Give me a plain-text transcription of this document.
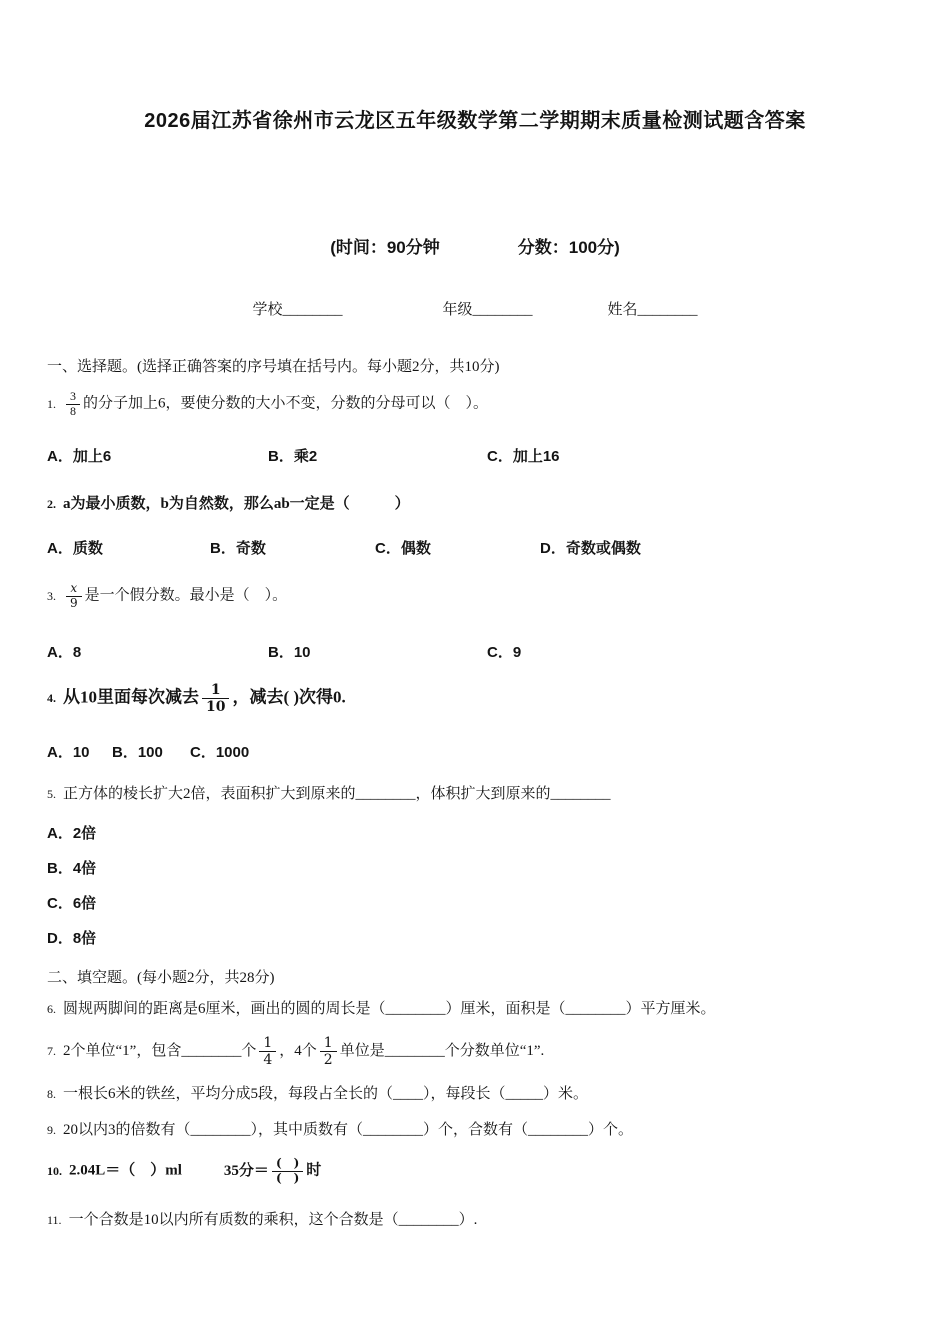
2026届江苏省徐州市云龙区五年级数学第二学期期末质量检测试题含答案
(时间：90分钟	分数：100分)
学校________	年级________	姓名________
一、选择题。(选择正确答案的序号填在括号内。每小题2分，共10分)
1. $\frac{3}{8}$ 的分子加上6，要使分数的大小不变，分数的分母可以（　）。
A．加上6	B．乘2	C．加上16
2. a为最小质数，b为自然数，那么ab一定是（　　　）
A．质数	B．奇数	C．偶数	D．奇数或偶数
3. $\frac{x}{9}$ 是一个假分数。最小是（　）。
A．8	B．10	C．9
4. 从10里面每次减去 $\frac{1}{10}$ ，减去( )次得0.
A．10	B．100	C．1000
5. 正方体的棱长扩大2倍，表面积扩大到原来的________，体积扩大到原来的________
A．2倍
B．4倍
C．6倍
D．8倍
二、填空题。(每小题2分，共28分)
6. 圆规两脚间的距离是6厘米，画出的圆的周长是（________）厘米，面积是（________）平方厘米。
7. 2个单位“1”，包含________个 $\frac{1}{4}$ ，4个 $\frac{1}{2}$ 单位是________个分数单位“1”.
8. 一根长6米的铁丝，平均分成5段，每段占全长的（____），每段长（_____）米。
9. 20以内3的倍数有（________），其中质数有（________）个，合数有（________）个。
10. 2.04L＝（　）ml	35分＝ $\frac{( )}{( )}$ 时
11. 一个合数是10以内所有质数的乘积，这个合数是（________）.
